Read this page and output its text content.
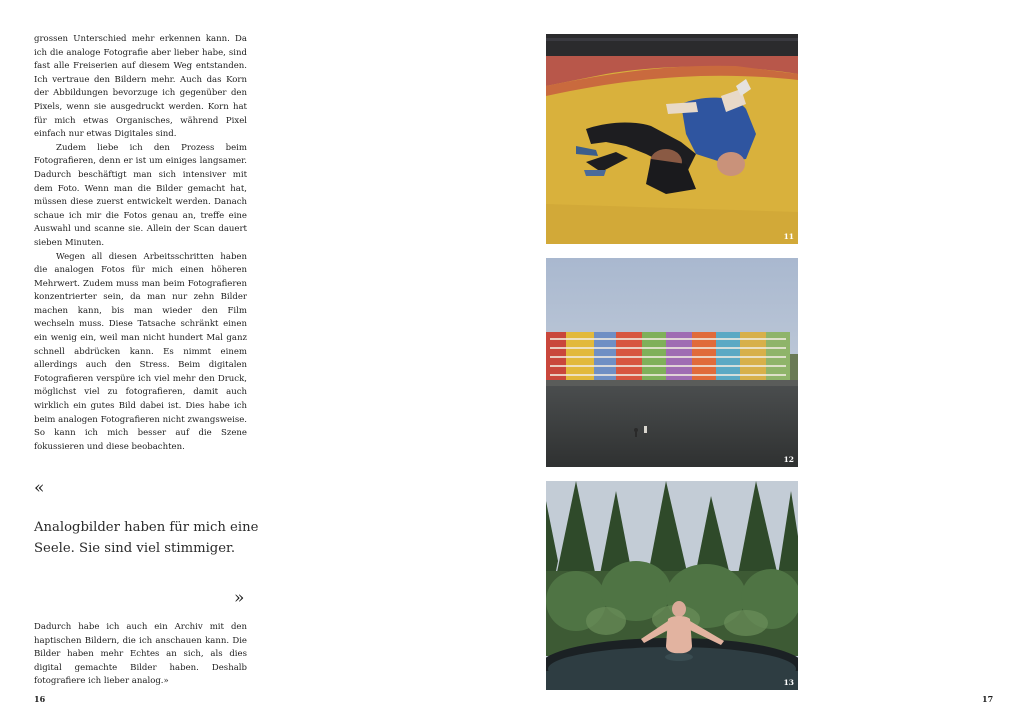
grossen Unterschied mehr erkennen kann. Da ich die analoge Fotografie aber lieber habe, sind fast alle Freiserien auf diesem Weg entstanden. Ich vertraue den Bildern mehr. Auch das Korn der Abbildungen bevorzuge ich gegenüber den Pixels, wenn sie ausgedruckt werden. Korn hat für mich etwas Organisches, während Pixel einfach nur etwas Digitales sind.

Zudem liebe ich den Prozess beim Fotografieren, denn er ist um einiges langsamer. Dadurch beschäftigt man sich intensiver mit dem Foto. Wenn man die Bilder gemacht hat, müssen diese zuerst entwickelt werden. Danach schaue ich mir die Fotos genau an, treffe eine Auswahl und scanne sie. Allein der Scan dauert sieben Minuten.

Wegen all diesen Arbeitsschritten haben die analogen Fotos für mich einen höheren Mehrwert. Zudem muss man beim Fotografieren konzentrierter sein, da man nur zehn Bilder machen kann, bis man wieder den Film wechseln muss. Diese Tatsache schränkt einen ein wenig ein, weil man nicht hundert Mal ganz schnell abdrücken kann. Es nimmt einem allerdings auch den Stress. Beim digitalen Fotografieren verspüre ich viel mehr den Druck, möglichst viel zu fotografieren, damit auch wirklich ein gutes Bild dabei ist. Dies habe ich beim analogen Fotografieren nicht zwangsweise. So kann ich mich besser auf die Szene fokussieren und diese beobachten.

«
Analogbilder haben für mich eine Seele. Sie sind viel stimmiger.
»

Dadurch habe ich auch ein Archiv mit den haptischen Bildern, die ich anschauen kann. Die Bilder haben mehr Echtes an sich, als dies digital gemachte Bilder haben. Deshalb fotografiere ich lieber analog.»

16
11
12
13
17
